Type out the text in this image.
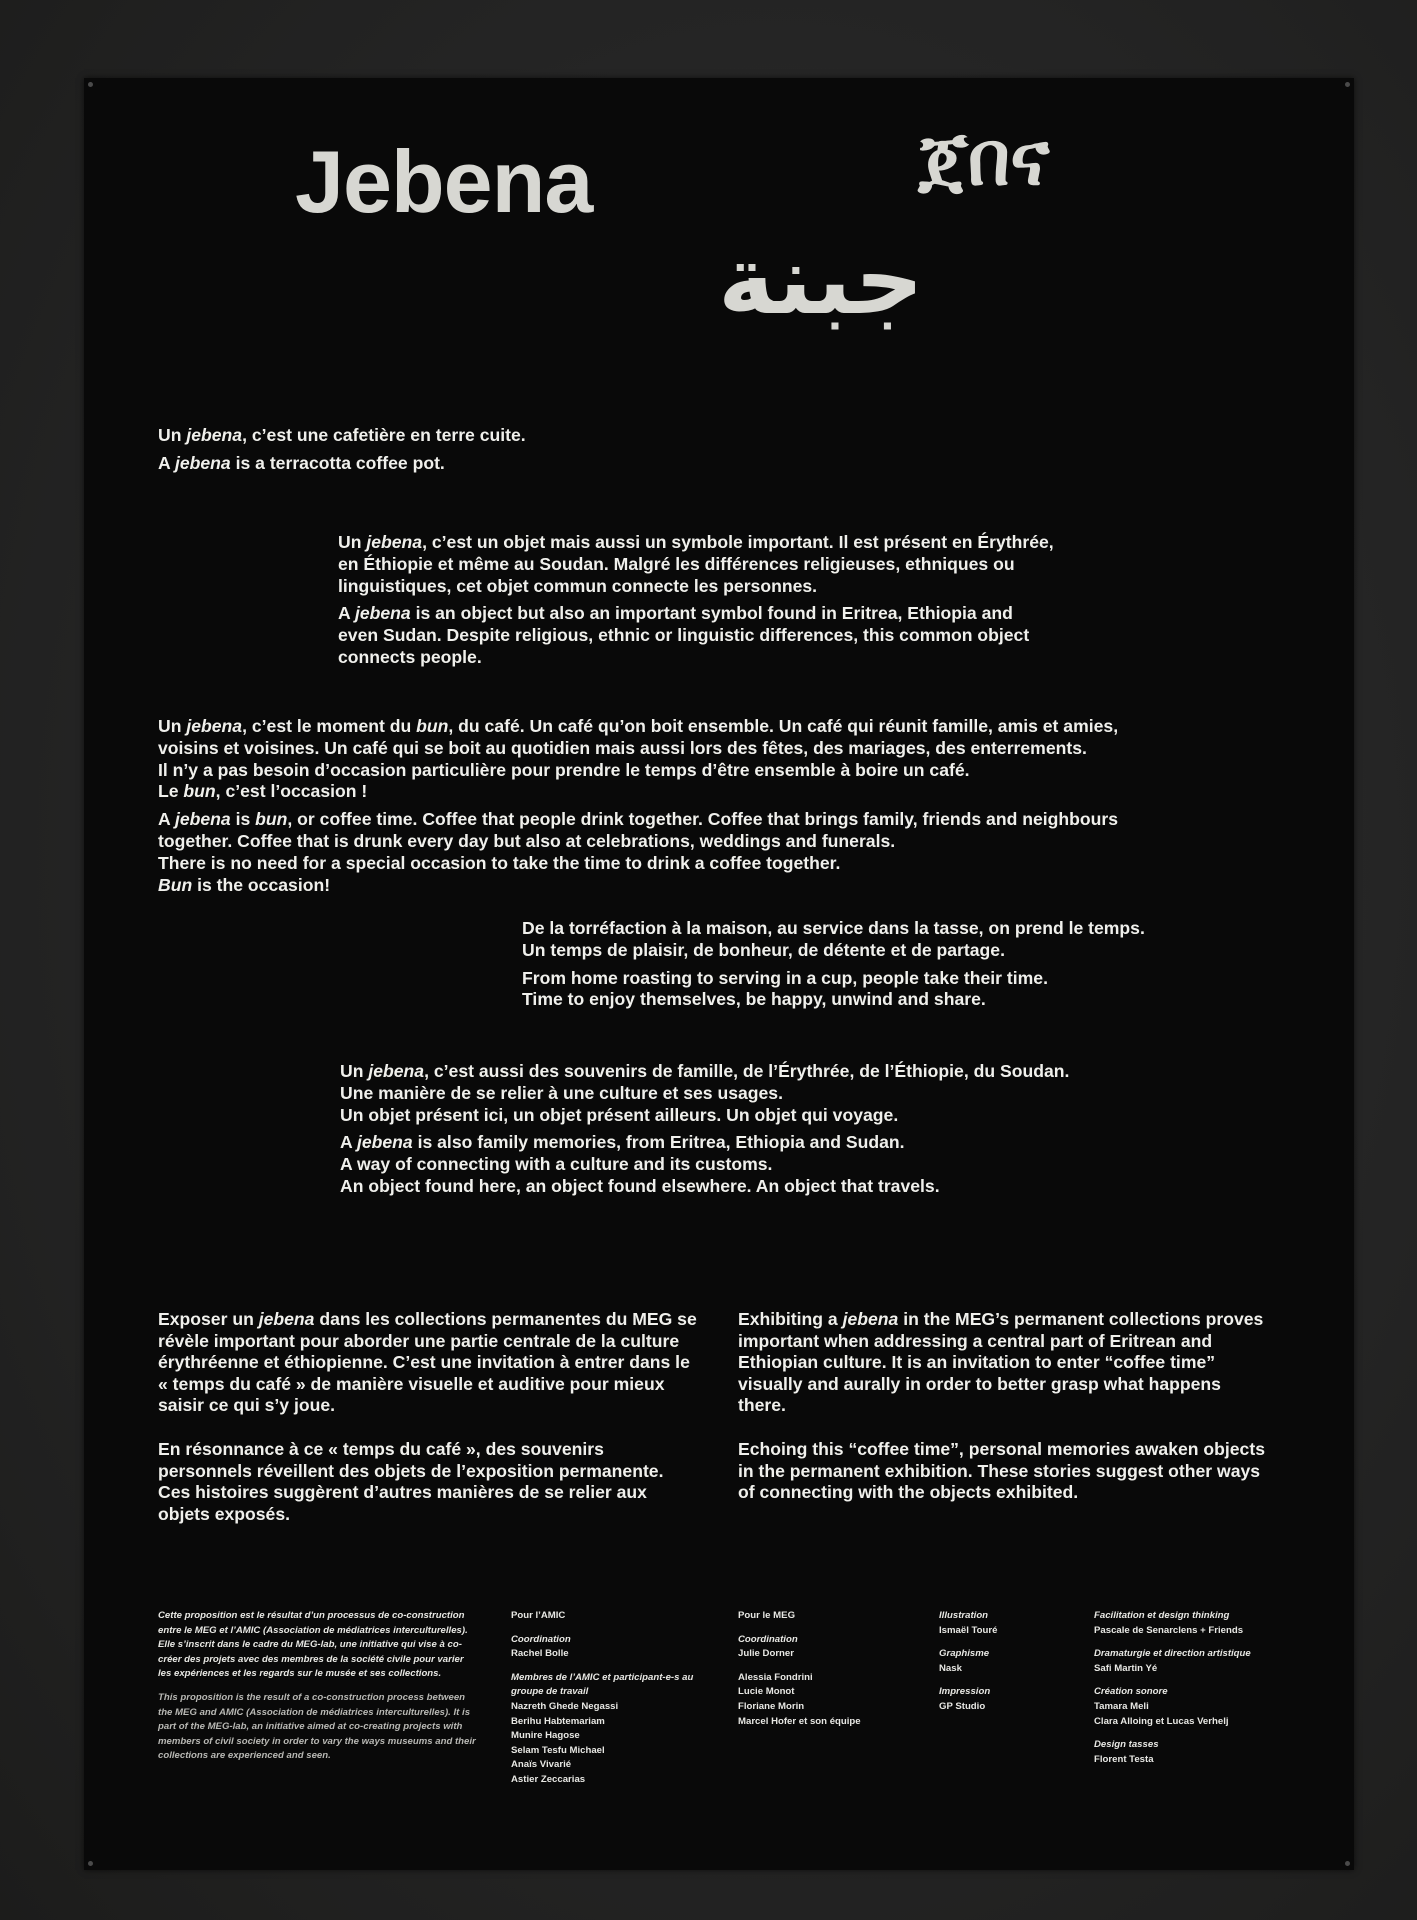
Jebena	ጀበና
جبنة

Un jebena, c’est une cafetière en terre cuite.

A jebena is a terracotta coffee pot.

Un jebena, c’est un objet mais aussi un symbole important. Il est présent en Érythrée,
en Éthiopie et même au Soudan. Malgré les différences religieuses, ethniques ou
linguistiques, cet objet commun connecte les personnes.

A jebena is an object but also an important symbol found in Eritrea, Ethiopia and
even Sudan. Despite religious, ethnic or linguistic differences, this common object
connects people.

Un jebena, c’est le moment du bun, du café. Un café qu’on boit ensemble. Un café qui réunit famille, amis et amies,
voisins et voisines. Un café qui se boit au quotidien mais aussi lors des fêtes, des mariages, des enterrements.
Il n’y a pas besoin d’occasion particulière pour prendre le temps d’être ensemble à boire un café.
Le bun, c’est l’occasion !

A jebena is bun, or coffee time. Coffee that people drink together. Coffee that brings family, friends and neighbours
together. Coffee that is drunk every day but also at celebrations, weddings and funerals.
There is no need for a special occasion to take the time to drink a coffee together.
Bun is the occasion!

De la torréfaction à la maison, au service dans la tasse, on prend le temps.
Un temps de plaisir, de bonheur, de détente et de partage.

From home roasting to serving in a cup, people take their time.
Time to enjoy themselves, be happy, unwind and share.

Un jebena, c’est aussi des souvenirs de famille, de l’Érythrée, de l’Éthiopie, du Soudan.
Une manière de se relier à une culture et ses usages.
Un objet présent ici, un objet présent ailleurs. Un objet qui voyage.

A jebena is also family memories, from Eritrea, Ethiopia and Sudan.
A way of connecting with a culture and its customs.
An object found here, an object found elsewhere. An object that travels.

Exposer un jebena dans les collections permanentes du MEG se révèle important pour aborder une partie centrale de la culture érythréenne et éthiopienne. C’est une invitation à entrer dans le « temps du café » de manière visuelle et auditive pour mieux saisir ce qui s’y joue.

En résonnance à ce « temps du café », des souvenirs personnels réveillent des objets de l’exposition permanente. Ces histoires suggèrent d’autres manières de se relier aux objets exposés.

Exhibiting a jebena in the MEG’s permanent collections proves important when addressing a central part of Eritrean and Ethiopian culture. It is an invitation to enter “coffee time” visually and aurally in order to better grasp what happens there.

Echoing this “coffee time”, personal memories awaken objects in the permanent exhibition. These stories suggest other ways of connecting with the objects exhibited.

Cette proposition est le résultat d’un processus de co-construction entre le MEG et l’AMIC (Association de médiatrices interculturelles). Elle s’inscrit dans le cadre du MEG-lab, une initiative qui vise à co-créer des projets avec des membres de la société civile pour varier les expériences et les regards sur le musée et ses collections.

This proposition is the result of a co-construction process between the MEG and AMIC (Association de médiatrices interculturelles). It is part of the MEG-lab, an initiative aimed at co-creating projects with members of civil society in order to vary the ways museums and their collections are experienced and seen.

Pour l’AMIC

Coordination

Rachel Bolle

Membres de l’AMIC et participant-e-s au groupe de travail

Nazreth Ghede Negassi

Berihu Habtemariam

Munire Hagose

Selam Tesfu Michael

Anaïs Vivarié

Astier Zeccarias

Pour le MEG

Coordination

Julie Dorner

Alessia Fondrini

Lucie Monot

Floriane Morin

Marcel Hofer et son équipe

Illustration

Ismaël Touré

Graphisme

Nask

Impression

GP Studio

Facilitation et design thinking

Pascale de Senarclens + Friends

Dramaturgie et direction artistique

Safi Martin Yé

Création sonore

Tamara Meli

Clara Alloing et Lucas Verhelj

Design tasses

Florent Testa
